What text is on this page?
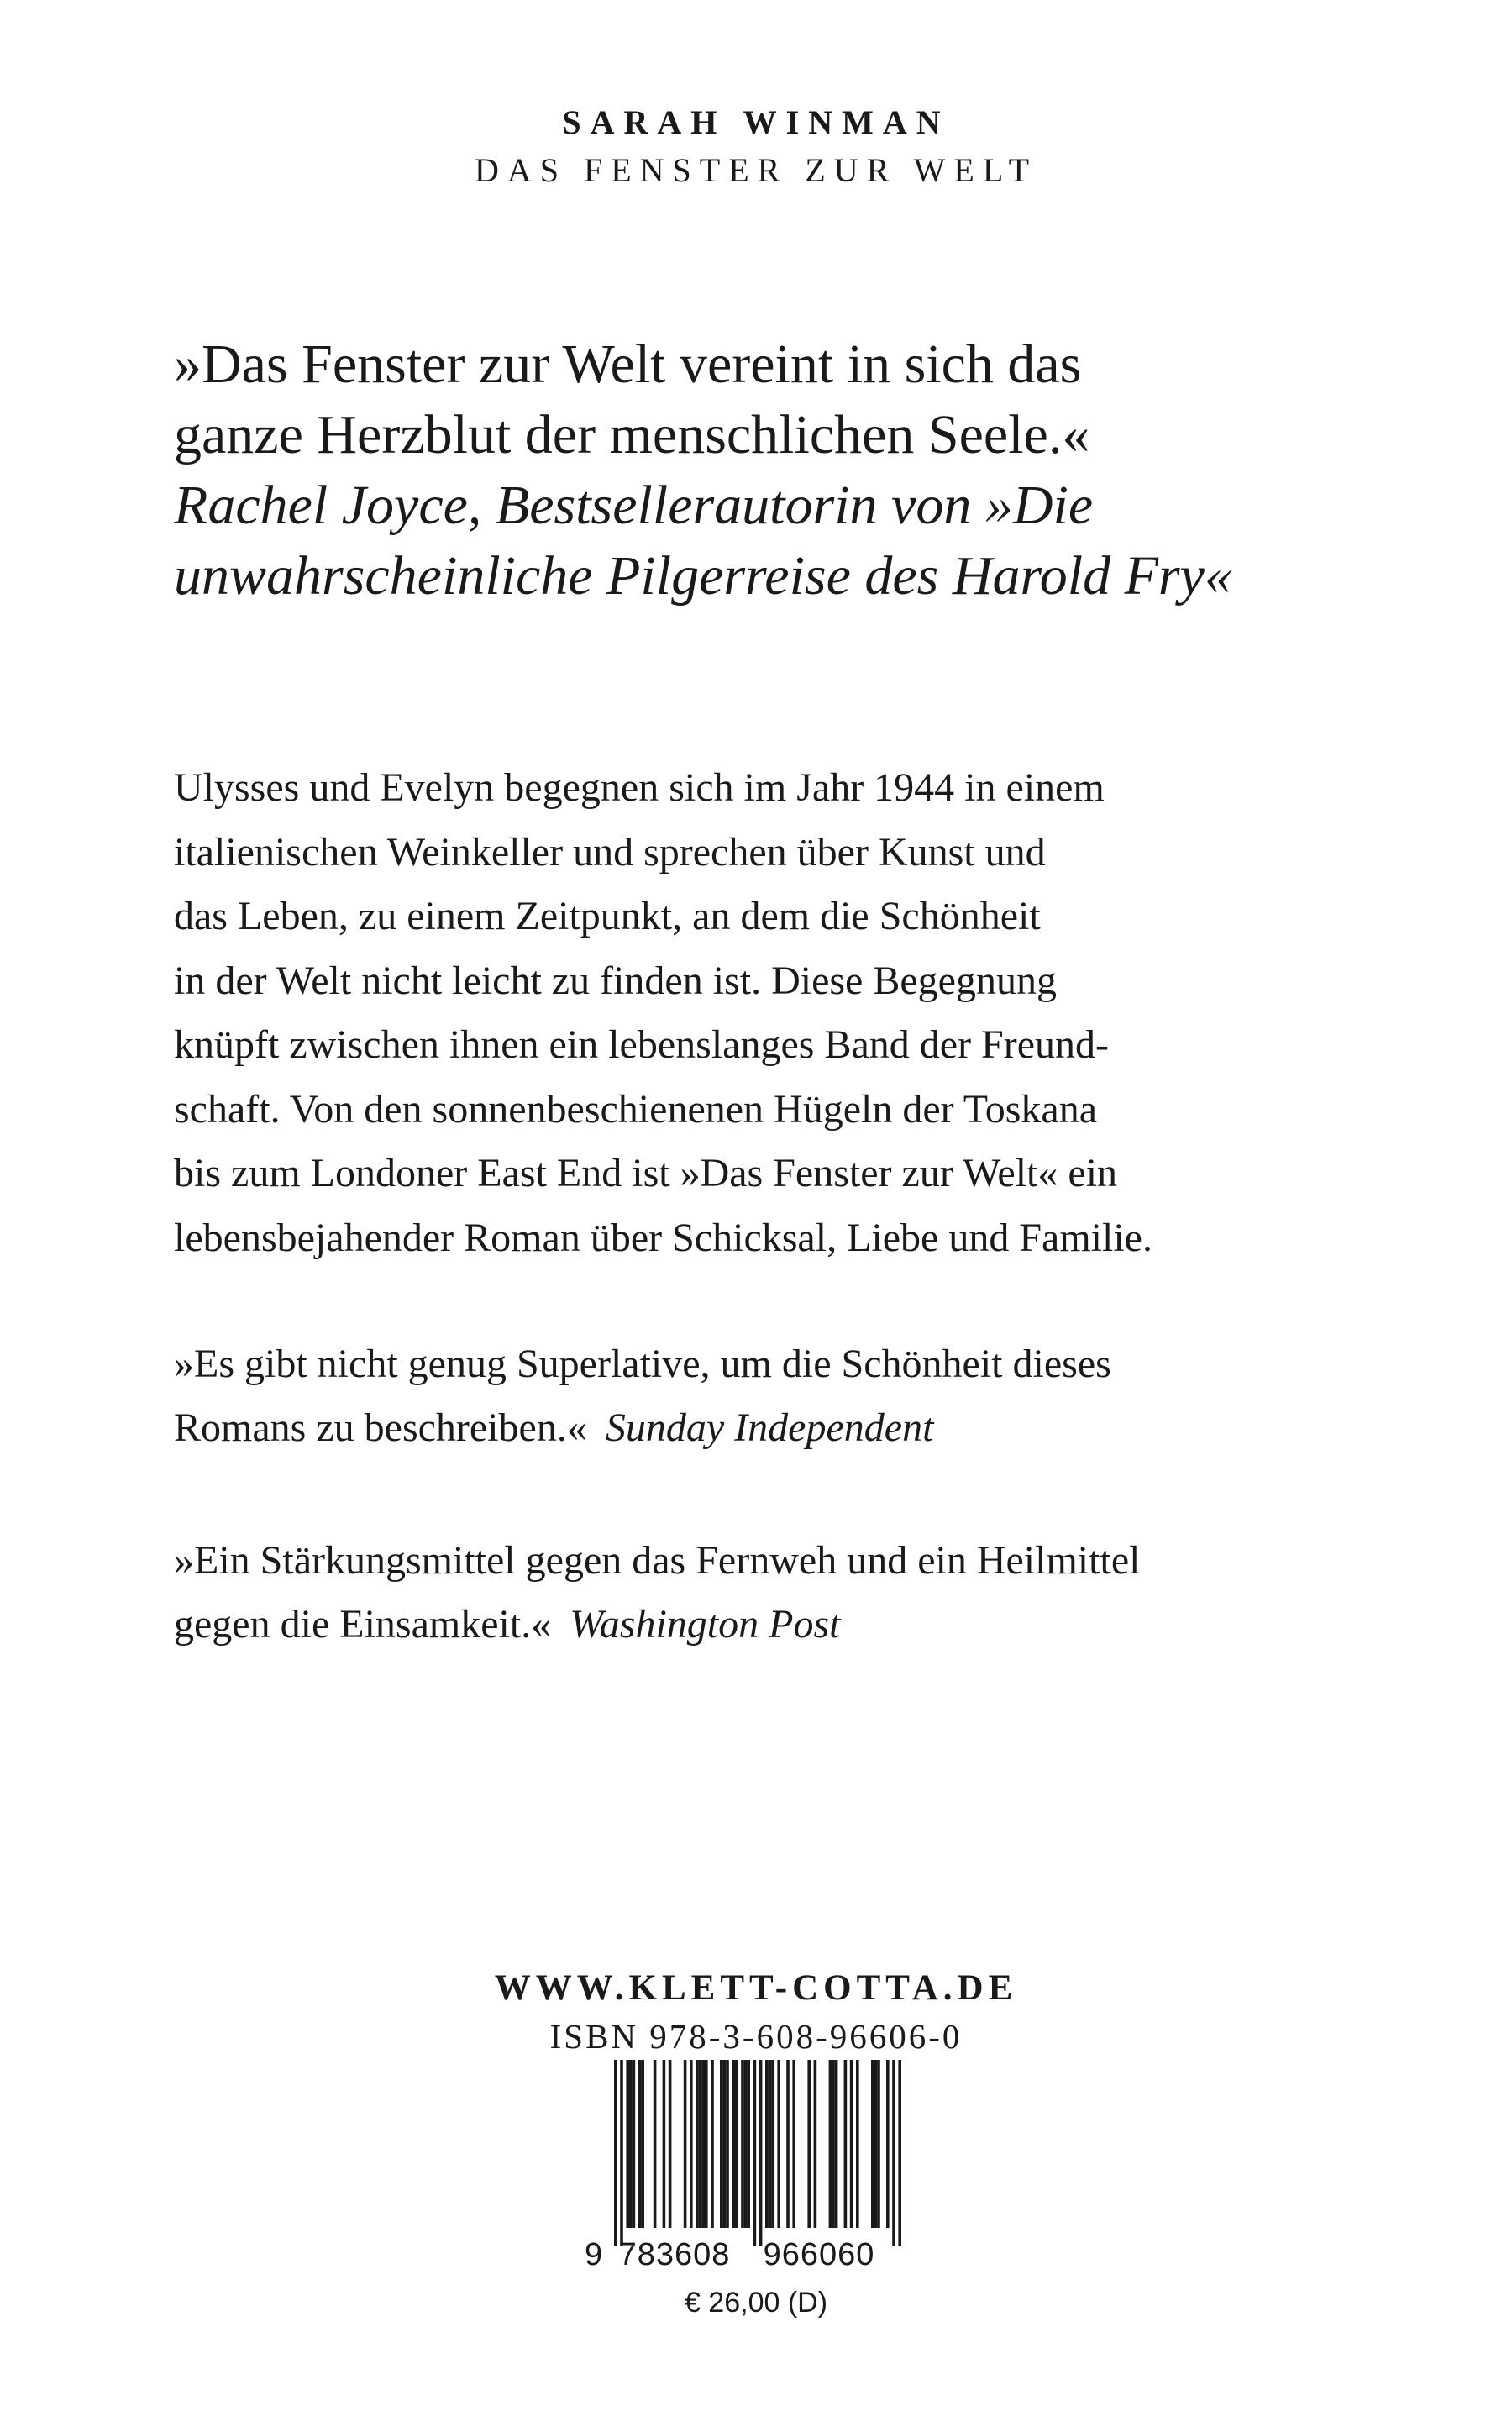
SARAH WINMAN
DAS FENSTER ZUR WELT
»Das Fenster zur Welt vereint in sich das
ganze Herzblut der menschlichen Seele.«
Rachel Joyce, Bestsellerautorin von »Die
unwahrscheinliche Pilgerreise des Harold Fry«
Ulysses und Evelyn begegnen sich im Jahr 1944 in einem
italienischen Weinkeller und sprechen über Kunst und
das Leben, zu einem Zeitpunkt, an dem die Schönheit
in der Welt nicht leicht zu finden ist. Diese Begegnung
knüpft zwischen ihnen ein lebenslanges Band der Freund-
schaft. Von den sonnenbeschienenen Hügeln der Toskana
bis zum Londoner East End ist »Das Fenster zur Welt« ein
lebensbejahender Roman über Schicksal, Liebe und Familie.
»Es gibt nicht genug Superlative, um die Schönheit dieses
Romans zu beschreiben.« Sunday Independent
»Ein Stärkungsmittel gegen das Fernweh und ein Heilmittel
gegen die Einsamkeit.« Washington Post
WWW.KLETT-COTTA.DE
ISBN 978-3-608-96606-0
9 783608 966060
€ 26,00 (D)
